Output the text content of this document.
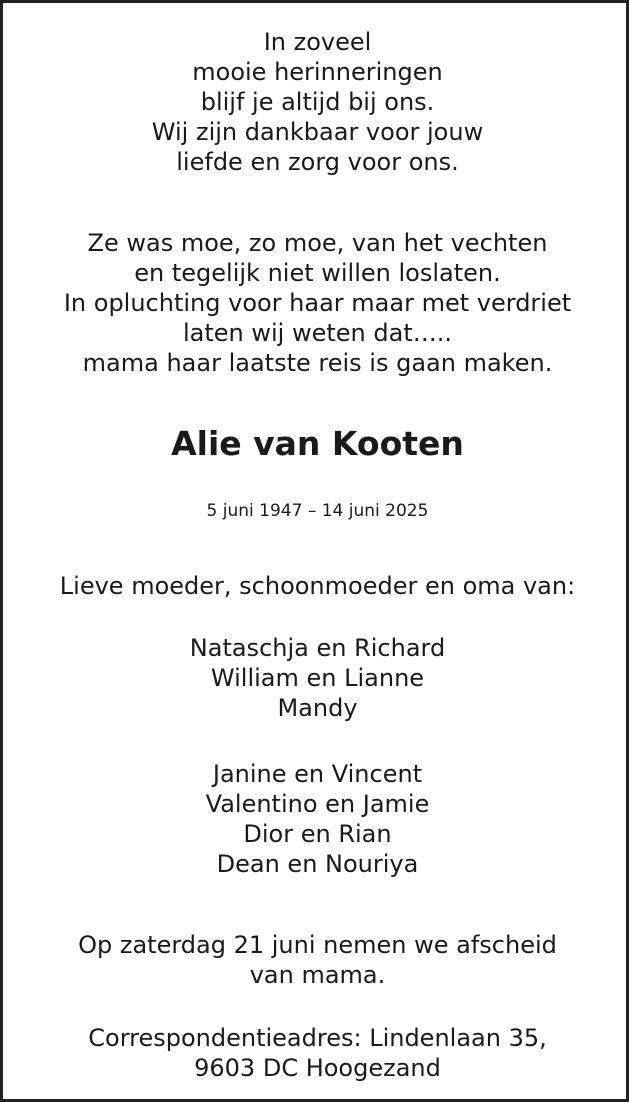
In zoveel
mooie herinneringen
blijf je altijd bij ons.
Wij zijn dankbaar voor jouw
liefde en zorg voor ons.
Ze was moe, zo moe, van het vechten
en tegelijk niet willen loslaten.
In opluchting voor haar maar met verdriet
laten wij weten dat…..
mama haar laatste reis is gaan maken.
Alie van Kooten
5 juni 1947 – 14 juni 2025
Lieve moeder, schoonmoeder en oma van:
Nataschja en Richard
William en Lianne
Mandy
Janine en Vincent
Valentino en Jamie
Dior en Rian
Dean en Nouriya
Op zaterdag 21 juni nemen we afscheid
van mama.
Correspondentieadres: Lindenlaan 35,
9603 DC Hoogezand
